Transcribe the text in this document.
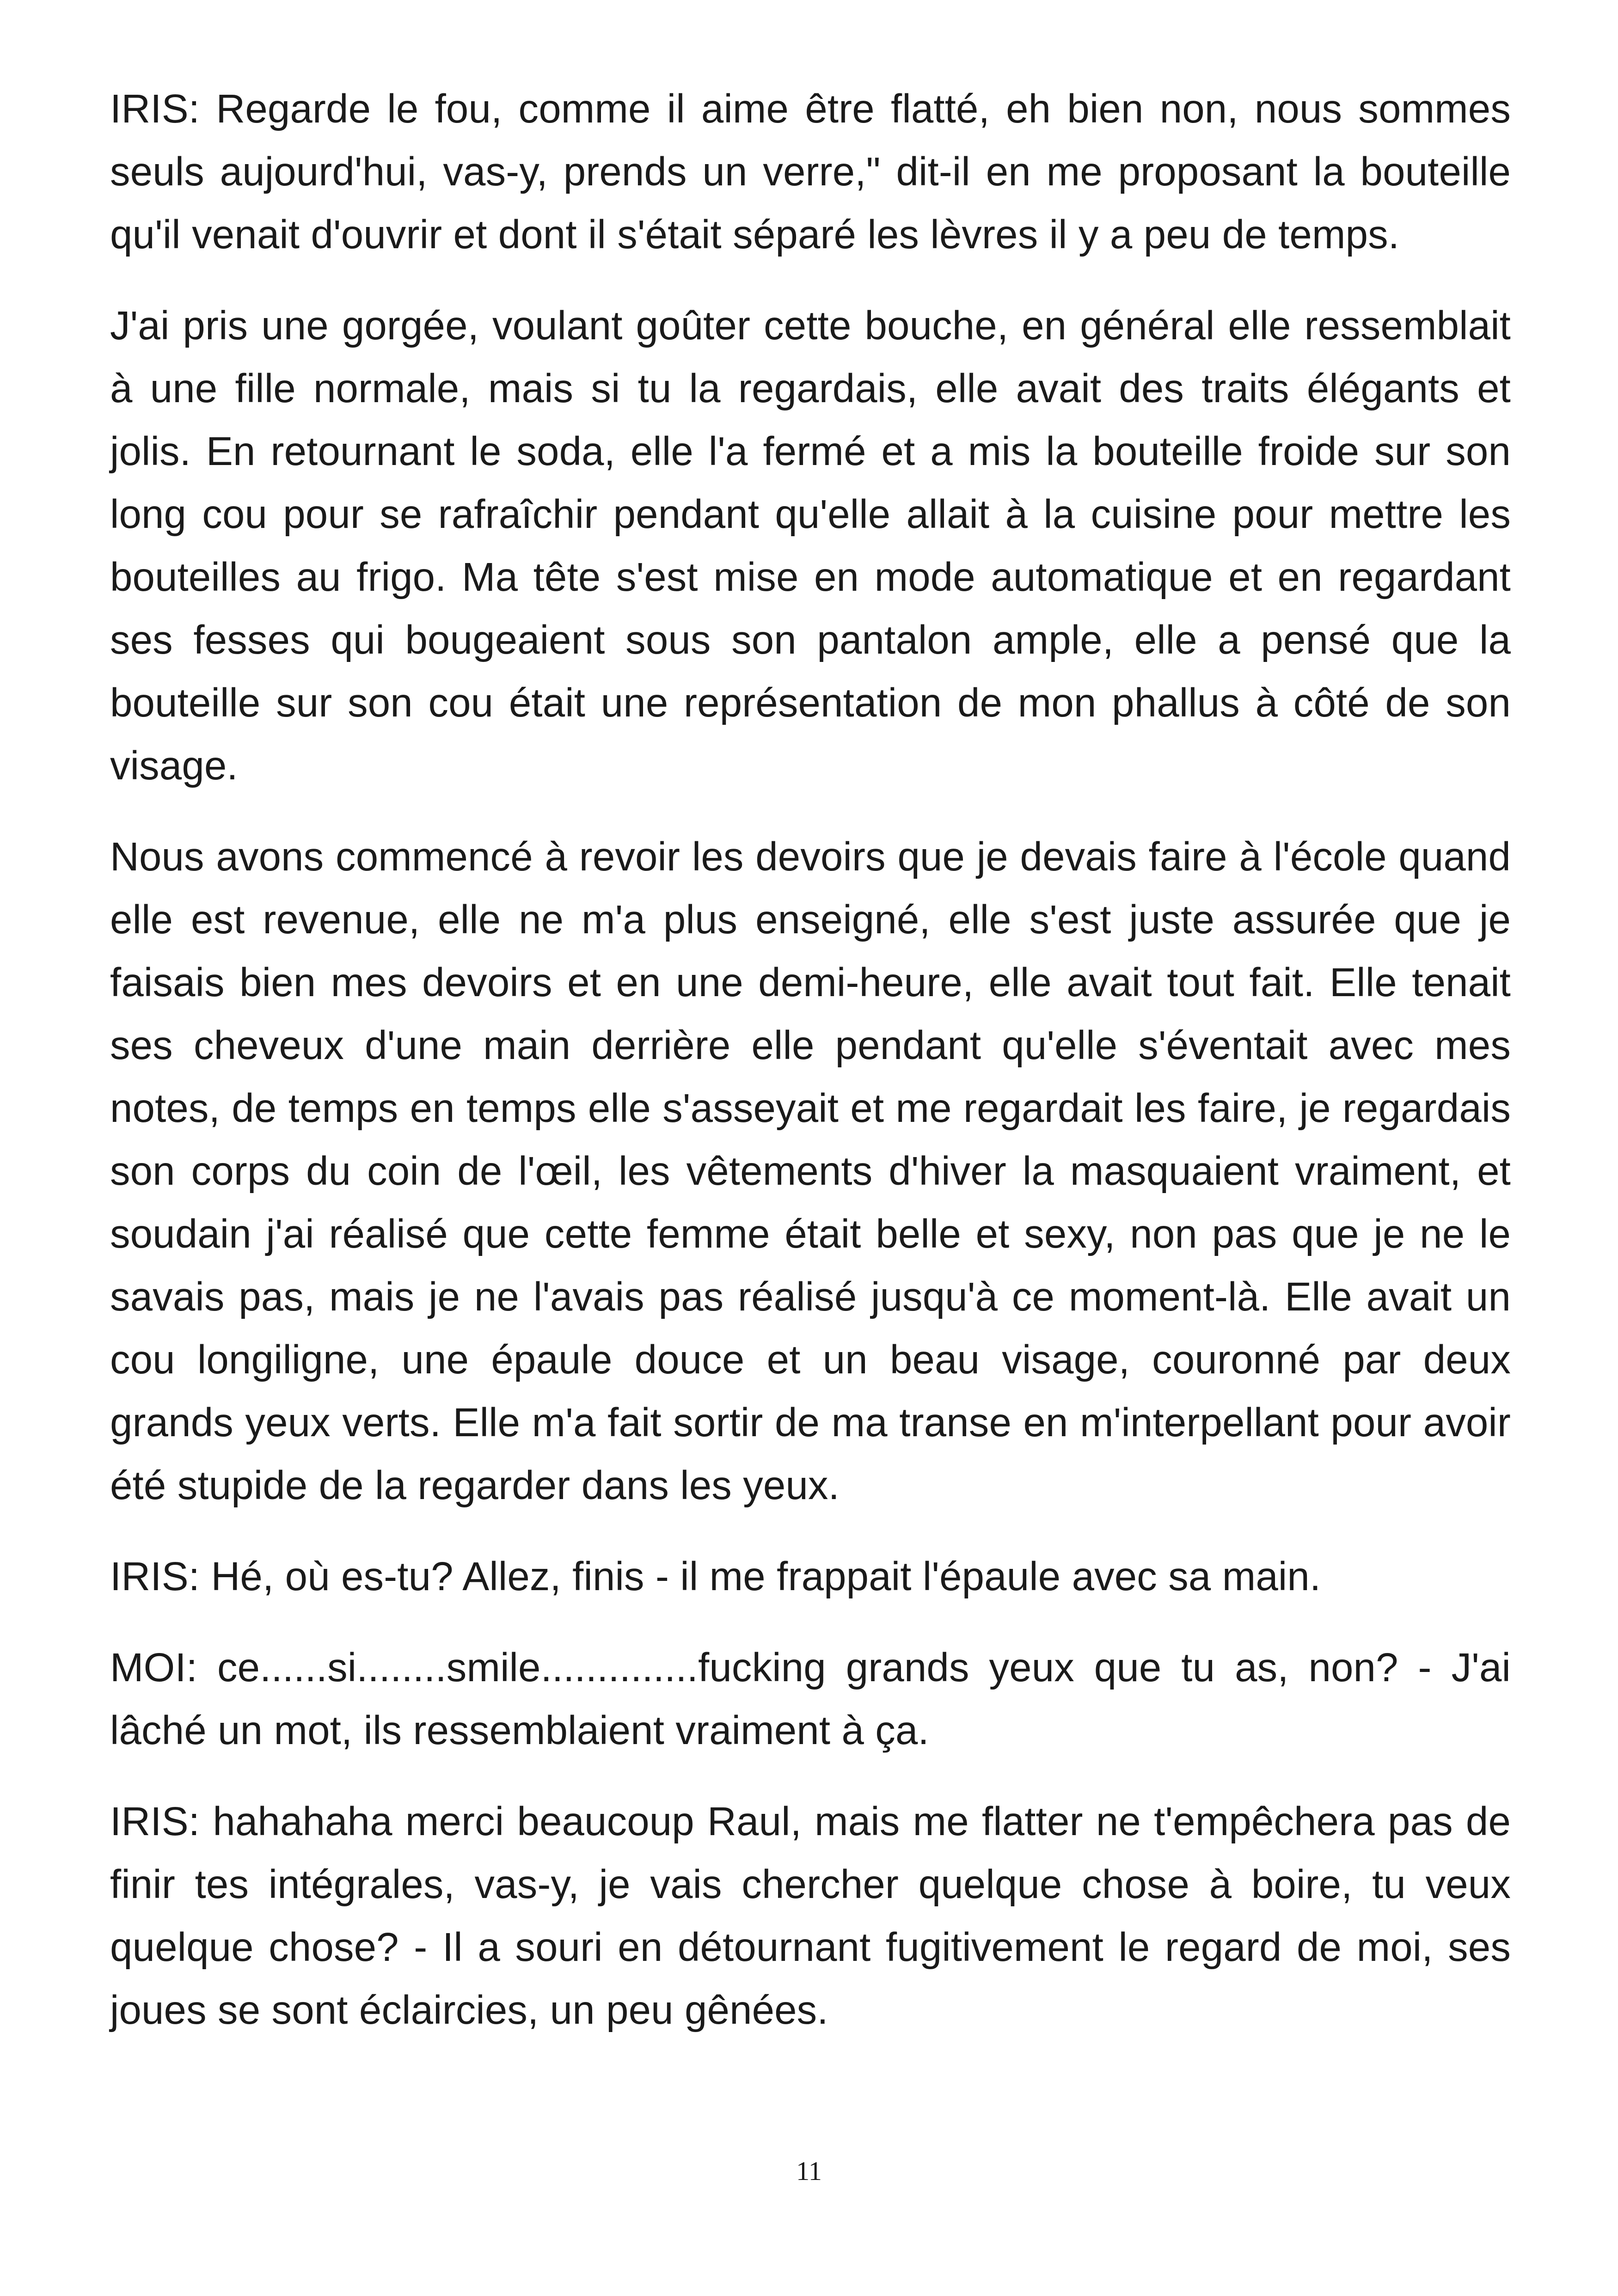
IRIS: Regarde le fou, comme il aime être flatté, eh bien non, nous sommes seuls aujourd'hui, vas-y, prends un verre," dit-il en me proposant la bouteille qu'il venait d'ouvrir et dont il s'était séparé les lèvres il y a peu de temps.

J'ai pris une gorgée, voulant goûter cette bouche, en général elle ressemblait à une fille normale, mais si tu la regardais, elle avait des traits élégants et jolis. En retournant le soda, elle l'a fermé et a mis la bouteille froide sur son long cou pour se rafraîchir pendant qu'elle allait à la cuisine pour mettre les bouteilles au frigo. Ma tête s'est mise en mode automatique et en regardant ses fesses qui bougeaient sous son pantalon ample, elle a pensé que la bouteille sur son cou était une représentation de mon phallus à côté de son visage.

Nous avons commencé à revoir les devoirs que je devais faire à l'école quand elle est revenue, elle ne m'a plus enseigné, elle s'est juste assurée que je faisais bien mes devoirs et en une demi-heure, elle avait tout fait. Elle tenait ses cheveux d'une main derrière elle pendant qu'elle s'éventait avec mes notes, de temps en temps elle s'asseyait et me regardait les faire, je regardais son corps du coin de l'œil, les vêtements d'hiver la masquaient vraiment, et soudain j'ai réalisé que cette femme était belle et sexy, non pas que je ne le savais pas, mais je ne l'avais pas réalisé jusqu'à ce moment-là. Elle avait un cou longiligne, une épaule douce et un beau visage, couronné par deux grands yeux verts. Elle m'a fait sortir de ma transe en m'interpellant pour avoir été stupide de la regarder dans les yeux.

IRIS: Hé, où es-tu? Allez, finis - il me frappait l'épaule avec sa main.

MOI: ce......si........smile..............fucking grands yeux que tu as, non? - J'ai lâché un mot, ils ressemblaient vraiment à ça.

IRIS: hahahaha merci beaucoup Raul, mais me flatter ne t'empêchera pas de finir tes intégrales, vas-y, je vais chercher quelque chose à boire, tu veux quelque chose? - Il a souri en détournant fugitivement le regard de moi, ses joues se sont éclaircies, un peu gênées.

11
